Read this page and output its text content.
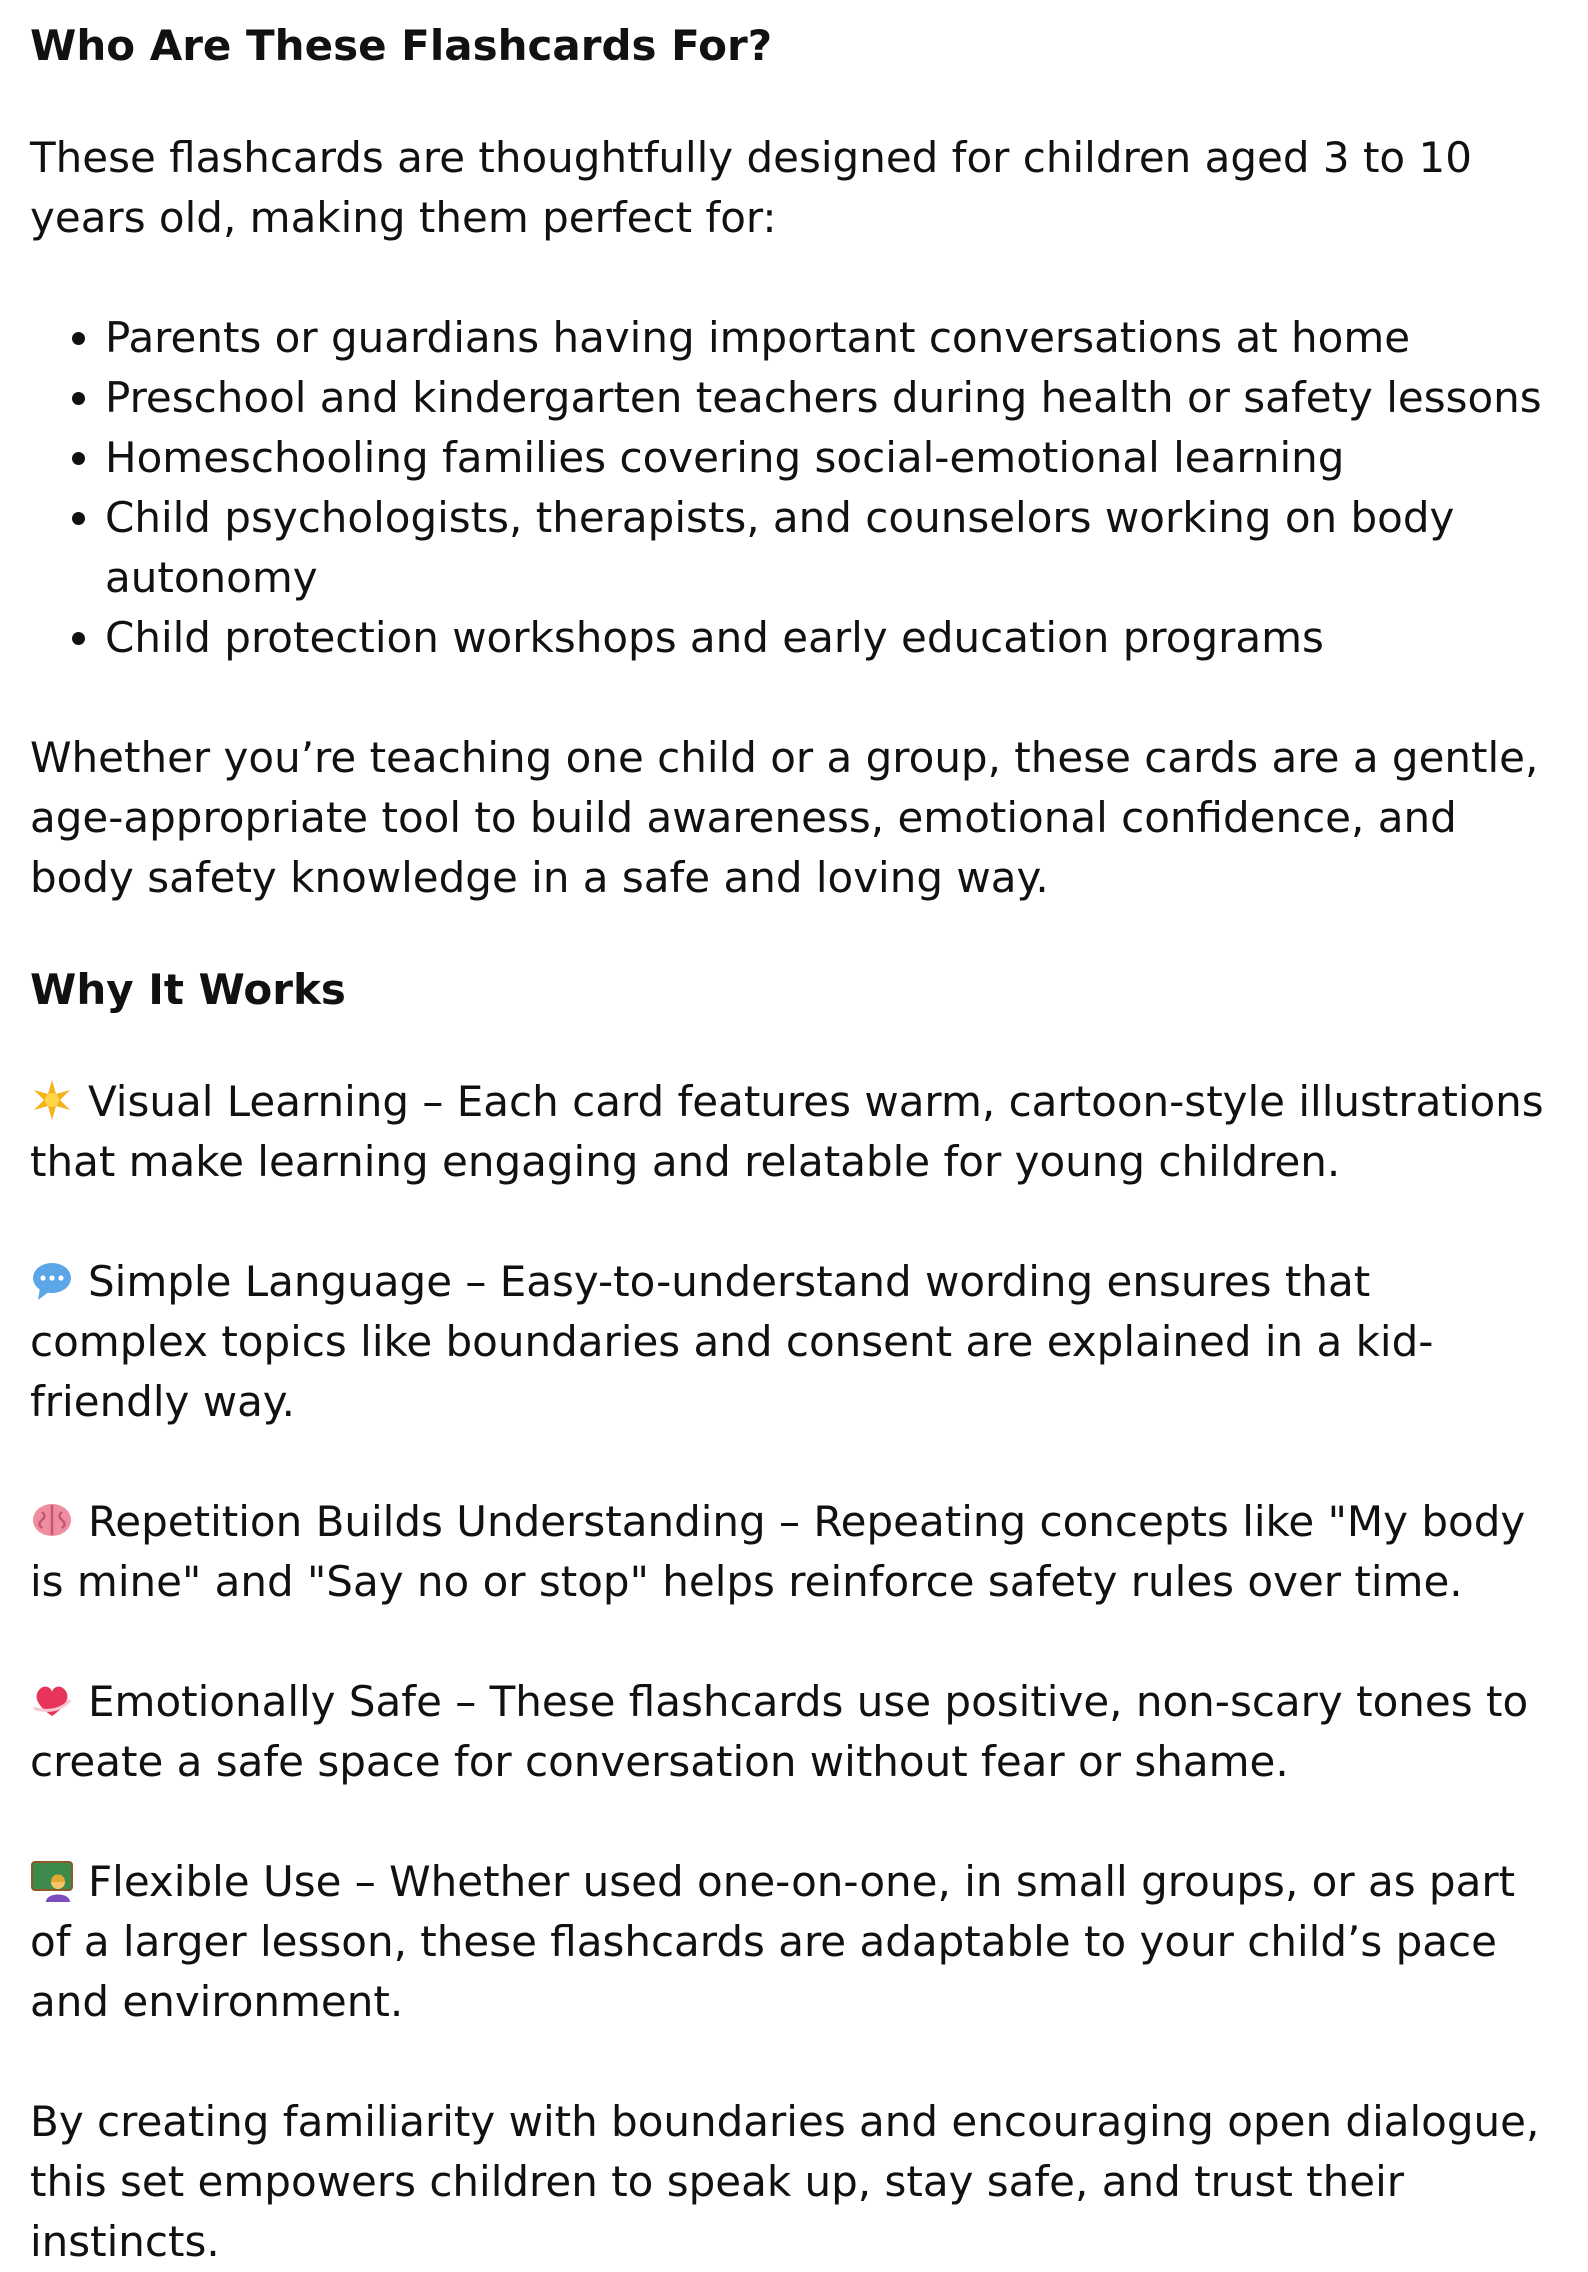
Who Are These Flashcards For?

These flashcards are thoughtfully designed for children aged 3 to 10 years old, making them perfect for:

• Parents or guardians having important conversations at home
• Preschool and kindergarten teachers during health or safety lessons
• Homeschooling families covering social-emotional learning
• Child psychologists, therapists, and counselors working on body autonomy
• Child protection workshops and early education programs

Whether you’re teaching one child or a group, these cards are a gentle, age-appropriate tool to build awareness, emotional confidence, and body safety knowledge in a safe and loving way.

Why It Works

Visual Learning – Each card features warm, cartoon-style illustrations that make learning engaging and relatable for young children.

Simple Language – Easy-to-understand wording ensures that complex topics like boundaries and consent are explained in a kid-friendly way.

Repetition Builds Understanding – Repeating concepts like "My body is mine" and "Say no or stop" helps reinforce safety rules over time.

Emotionally Safe – These flashcards use positive, non-scary tones to create a safe space for conversation without fear or shame.

Flexible Use – Whether used one-on-one, in small groups, or as part of a larger lesson, these flashcards are adaptable to your child’s pace and environment.

By creating familiarity with boundaries and encouraging open dialogue, this set empowers children to speak up, stay safe, and trust their instincts.
